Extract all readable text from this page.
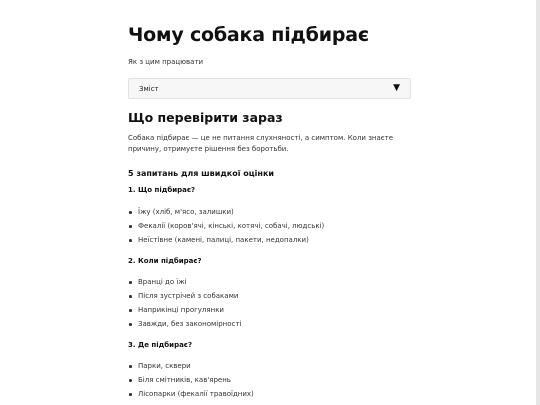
Чому собака підбирає

Як з цим працювати

Зміст	▼
Що перевірити зараз

Собака підбирає — це не питання слухняності, а симптом. Коли знаєте причину, отримуєте рішення без боротьби.

5 запитань для швидкої оцінки

1. Що підбирає?

Їжу (хліб, м'ясо, залишки)
Фекалії (коров'ячі, кінські, котячі, собачі, людські)
Неїстівне (камені, палиці, пакети, недопалки)

2. Коли підбирає?

Вранці до їжі
Після зустрічей з собаками
Наприкінці прогулянки
Завжди, без закономірності

3. Де підбирає?

Парки, сквери
Біля смітників, кав'ярень
Лісопарки (фекалії травоїдних)
